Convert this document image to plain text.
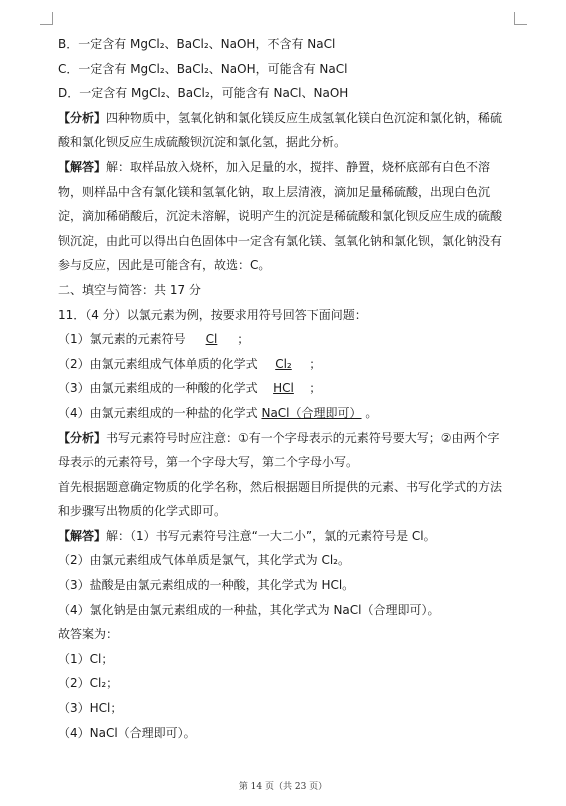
B．一定含有 MgCl₂、BaCl₂、NaOH，不含有 NaCl
C．一定含有 MgCl₂、BaCl₂、NaOH，可能含有 NaCl
D．一定含有 MgCl₂、BaCl₂，可能含有 NaCl、NaOH

【分析】四种物质中，氢氧化钠和氯化镁反应生成氢氧化镁白色沉淀和氯化钠，稀硫酸和氯化钡反应生成硫酸钡沉淀和氯化氢，据此分析。

【解答】解：取样品放入烧杯，加入足量的水，搅拌、静置，烧杯底部有白色不溶物，则样品中含有氯化镁和氢氧化钠，取上层清液，滴加足量稀硫酸，出现白色沉淀，滴加稀硝酸后，沉淀未溶解，说明产生的沉淀是稀硫酸和氯化钡反应生成的硫酸钡沉淀，由此可以得出白色固体中一定含有氯化镁、氢氧化钠和氯化钡，氯化钠没有参与反应，因此是可能含有，故选：C。

二、填空与简答：共 17 分
11．（4 分）以氯元素为例，按要求用符号回答下面问题：
（1）氯元素的元素符号 Cl ；
（2）由氯元素组成气体单质的化学式 Cl₂ ；
（3）由氯元素组成的一种酸的化学式 HCl ；
（4）由氯元素组成的一种盐的化学式 NaCl（合理即可） 。

【分析】书写元素符号时应注意：①有一个字母表示的元素符号要大写；②由两个字母表示的元素符号，第一个字母大写，第二个字母小写。

首先根据题意确定物质的化学名称，然后根据题目所提供的元素、书写化学式的方法和步骤写出物质的化学式即可。

【解答】解：（1）书写元素符号注意“一大二小”，氯的元素符号是 Cl。
（2）由氯元素组成气体单质是氯气，其化学式为 Cl₂。
（3）盐酸是由氯元素组成的一种酸，其化学式为 HCl。
（4）氯化钠是由氯元素组成的一种盐，其化学式为 NaCl（合理即可）。
故答案为：
（1）Cl；
（2）Cl₂；
（3）HCl；
（4）NaCl（合理即可）。
第 14 页（共 23 页）
